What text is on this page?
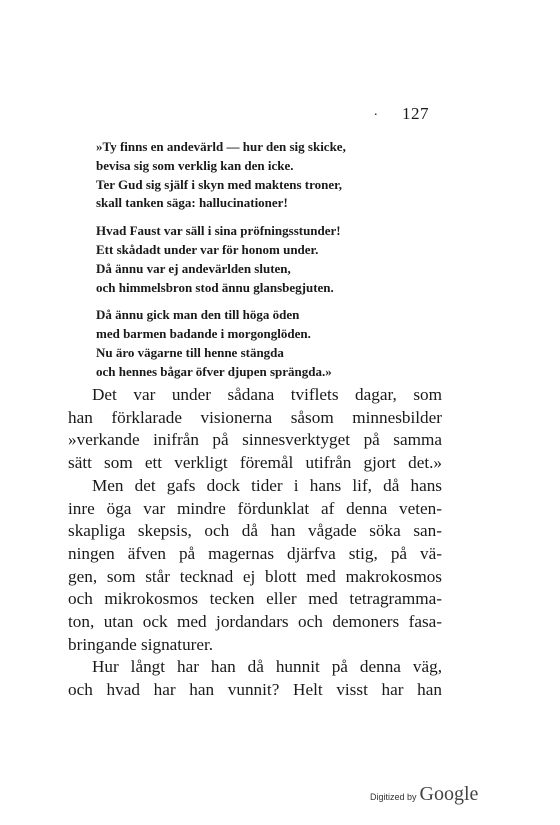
. 127
»Ty finns en andevärld — hur den sig skicke,
bevisa sig som verklig kan den icke.
Ter Gud sig själf i skyn med maktens troner,
skall tanken säga: hallucinationer!
Hvad Faust var säll i sina pröfningsstunder!
Ett skådadt under var för honom under.
Då ännu var ej andevärlden sluten,
och himmelsbron stod ännu glansbegjuten.
Då ännu gick man den till höga öden
med barmen badande i morgonglöden.
Nu äro vägarne till henne stängda
och hennes bågar öfver djupen sprängda.»
Det var under sådana tviflets dagar, som
han förklarade visionerna såsom minnesbilder
»verkande inifrån på sinnesverktyget på samma
sätt som ett verkligt föremål utifrån gjort det.»
Men det gafs dock tider i hans lif, då hans
inre öga var mindre fördunklat af denna veten-
skapliga skepsis, och då han vågade söka san-
ningen äfven på magernas djärfva stig, på vä-
gen, som står tecknad ej blott med makrokosmos
och mikrokosmos tecken eller med tetragramma-
ton, utan ock med jordandars och demoners fasa-
bringande signaturer.
Hur långt har han då hunnit på denna väg,
och hvad har han vunnit? Helt visst har han
Digitized by Google
